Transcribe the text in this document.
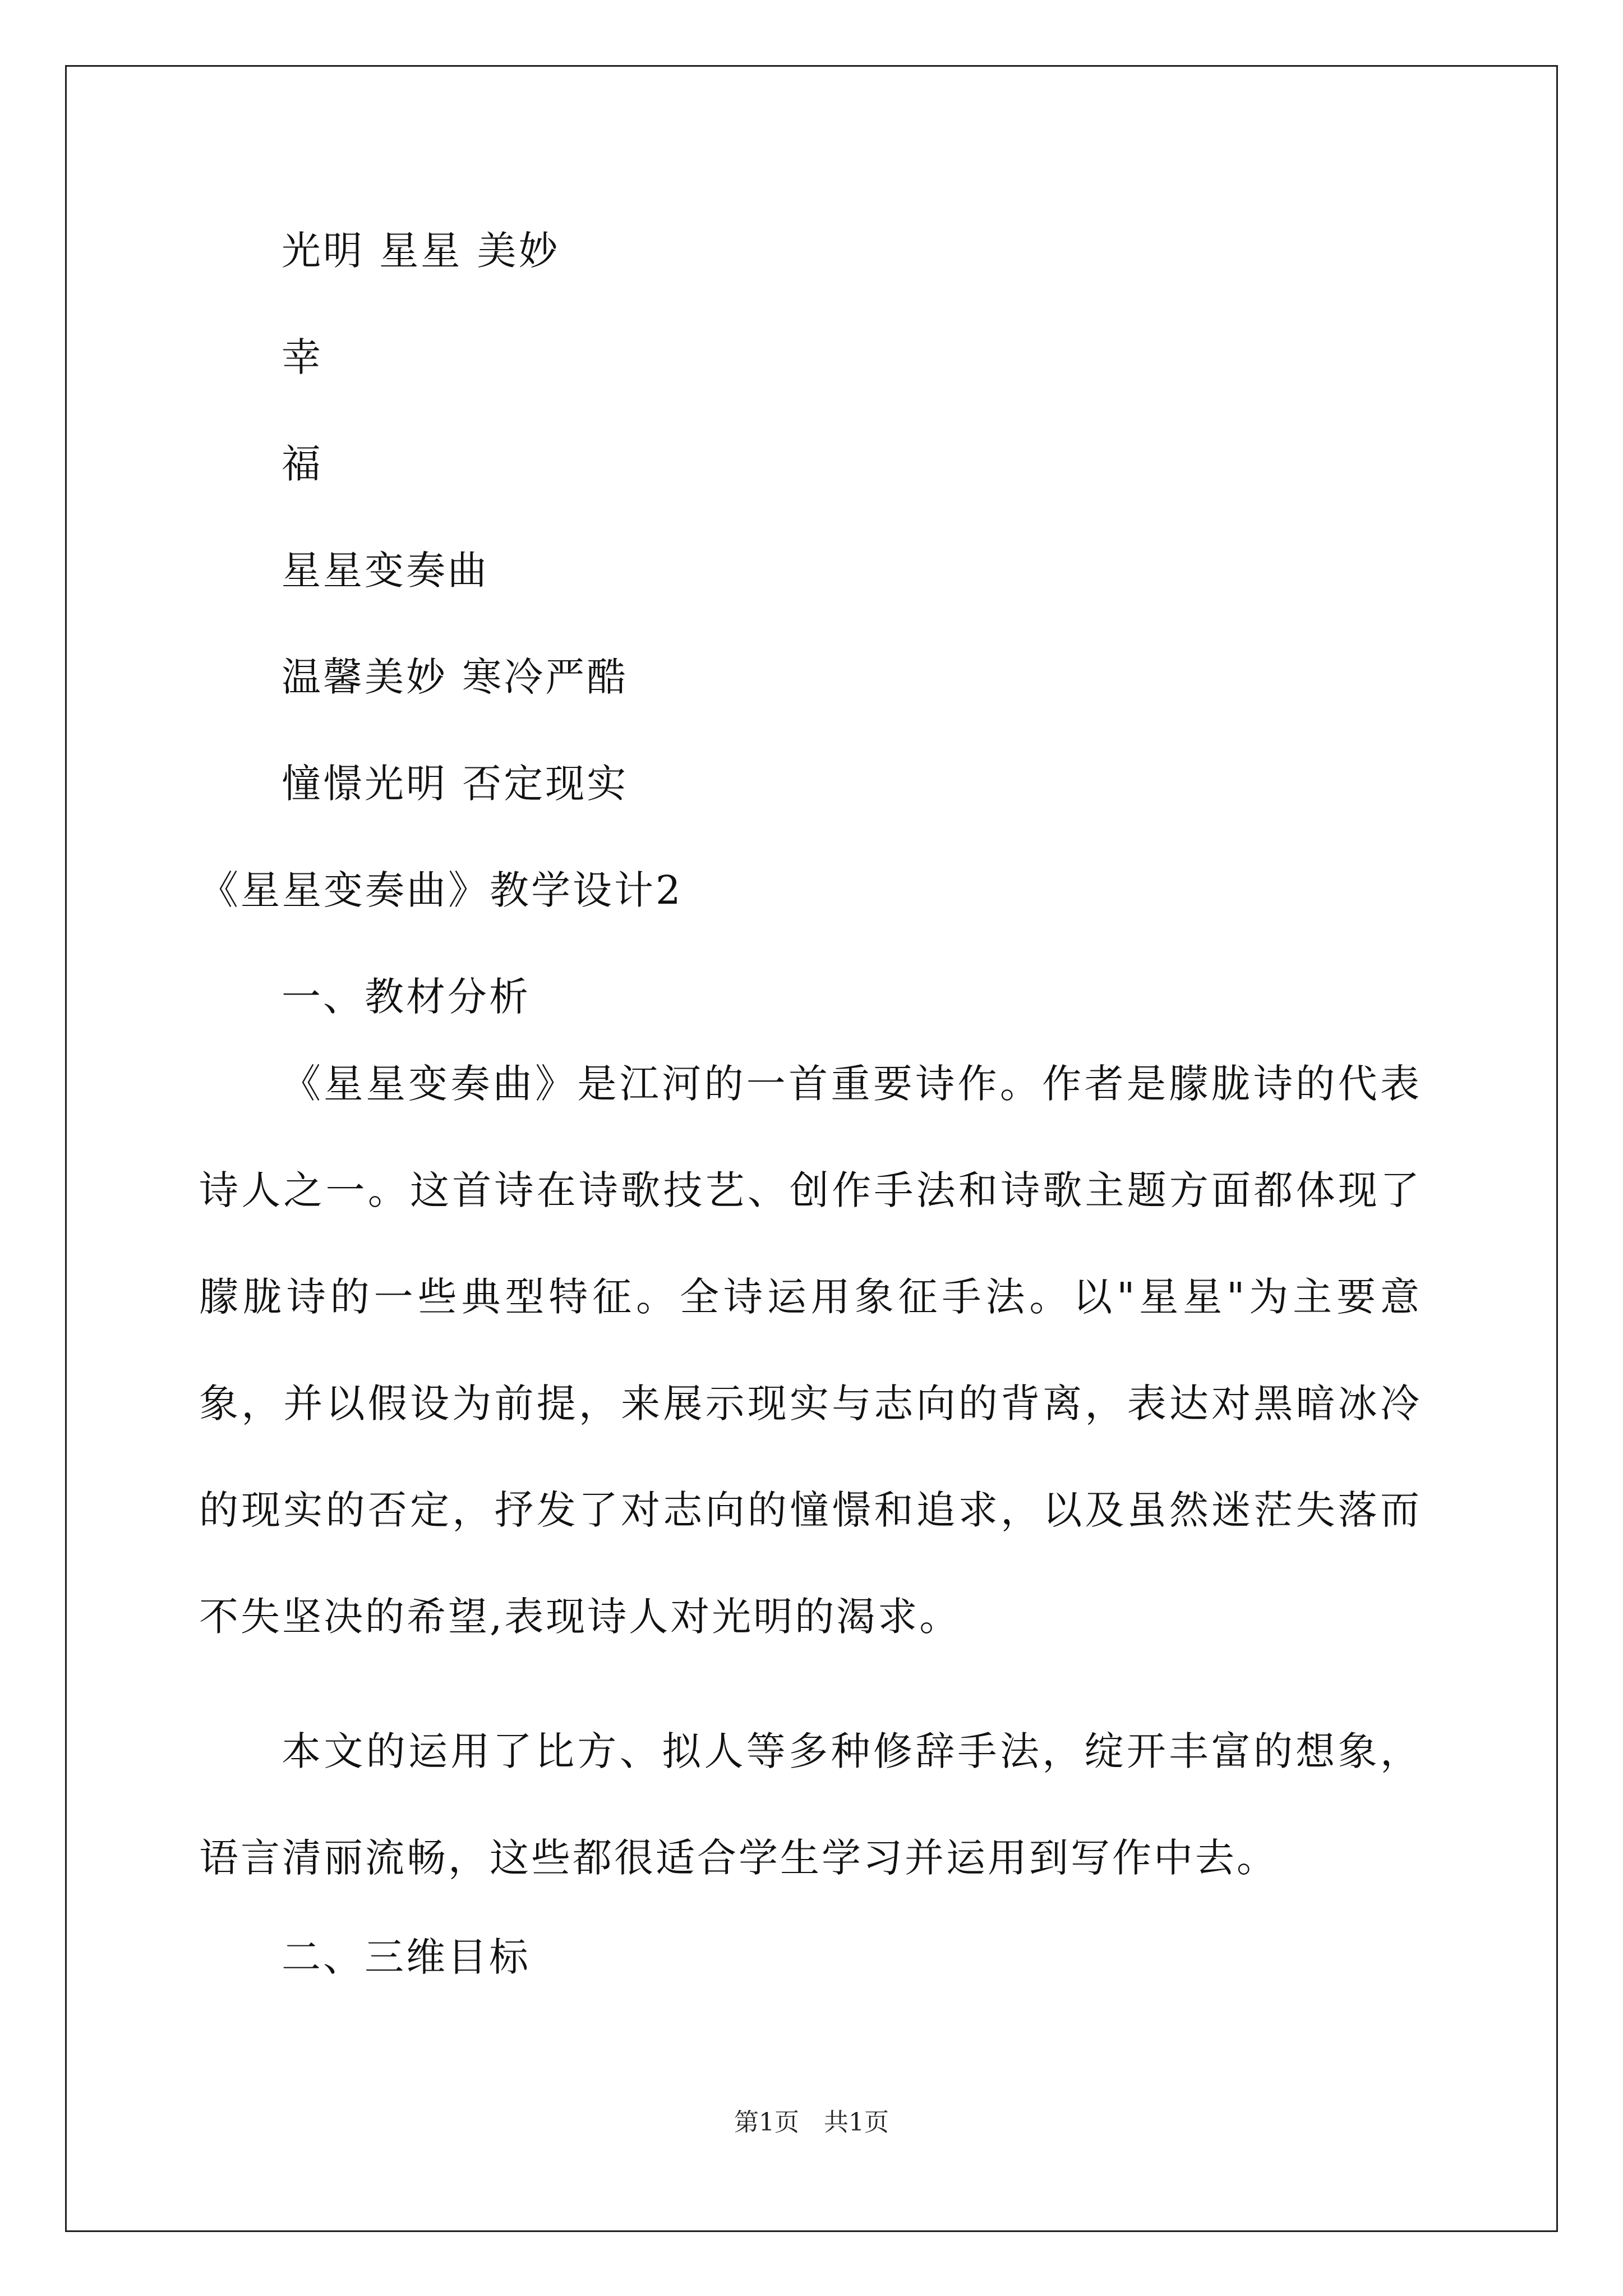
光明 星星 美妙
幸
福
星星变奏曲
温馨美妙 寒冷严酷
憧憬光明 否定现实
《星星变奏曲》教学设计2
一、教材分析

《星星变奏曲》是江河的一首重要诗作。作者是朦胧诗的代表诗人之一。这首诗在诗歌技艺、创作手法和诗歌主题方面都体现了朦胧诗的一些典型特征。全诗运用象征手法。以"星星"为主要意象，并以假设为前提，来展示现实与志向的背离，表达对黑暗冰冷的现实的否定，抒发了对志向的憧憬和追求，以及虽然迷茫失落而不失坚决的希望,表现诗人对光明的渴求。

本文的运用了比方、拟人等多种修辞手法，绽开丰富的想象，语言清丽流畅，这些都很适合学生学习并运用到写作中去。

二、三维目标
第1页　共1页
